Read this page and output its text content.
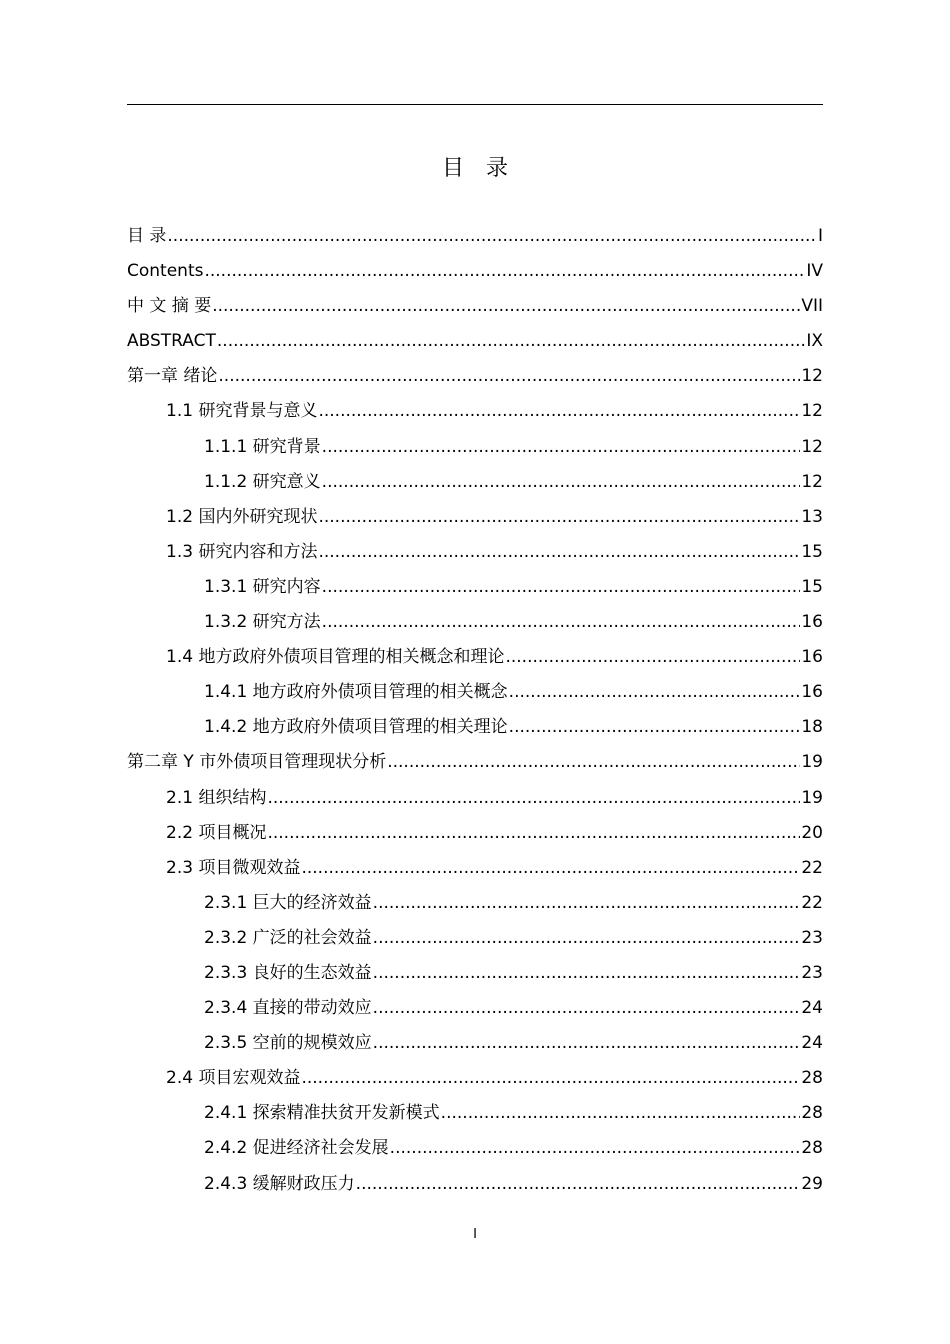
目　录
目 录 .....	I
Contents .....	IV
中 文 摘 要 .....	VII
ABSTRACT .....	IX
第一章 绪论 .....	12
1.1 研究背景与意义 .....	12
1.1.1 研究背景 .....	12
1.1.2 研究意义 .....	12
1.2 国内外研究现状 .....	13
1.3 研究内容和方法 .....	15
1.3.1 研究内容 .....	15
1.3.2 研究方法 .....	16
1.4 地方政府外债项目管理的相关概念和理论 .....	16
1.4.1 地方政府外债项目管理的相关概念 .....	16
1.4.2 地方政府外债项目管理的相关理论 .....	18
第二章 Y 市外债项目管理现状分析 .....	19
2.1 组织结构 .....	19
2.2 项目概况 .....	20
2.3 项目微观效益 .....	22
2.3.1 巨大的经济效益 .....	22
2.3.2 广泛的社会效益 .....	23
2.3.3 良好的生态效益 .....	23
2.3.4 直接的带动效应 .....	24
2.3.5 空前的规模效应 .....	24
2.4 项目宏观效益 .....	28
2.4.1 探索精准扶贫开发新模式 .....	28
2.4.2 促进经济社会发展 .....	28
2.4.3 缓解财政压力 .....	29
I
